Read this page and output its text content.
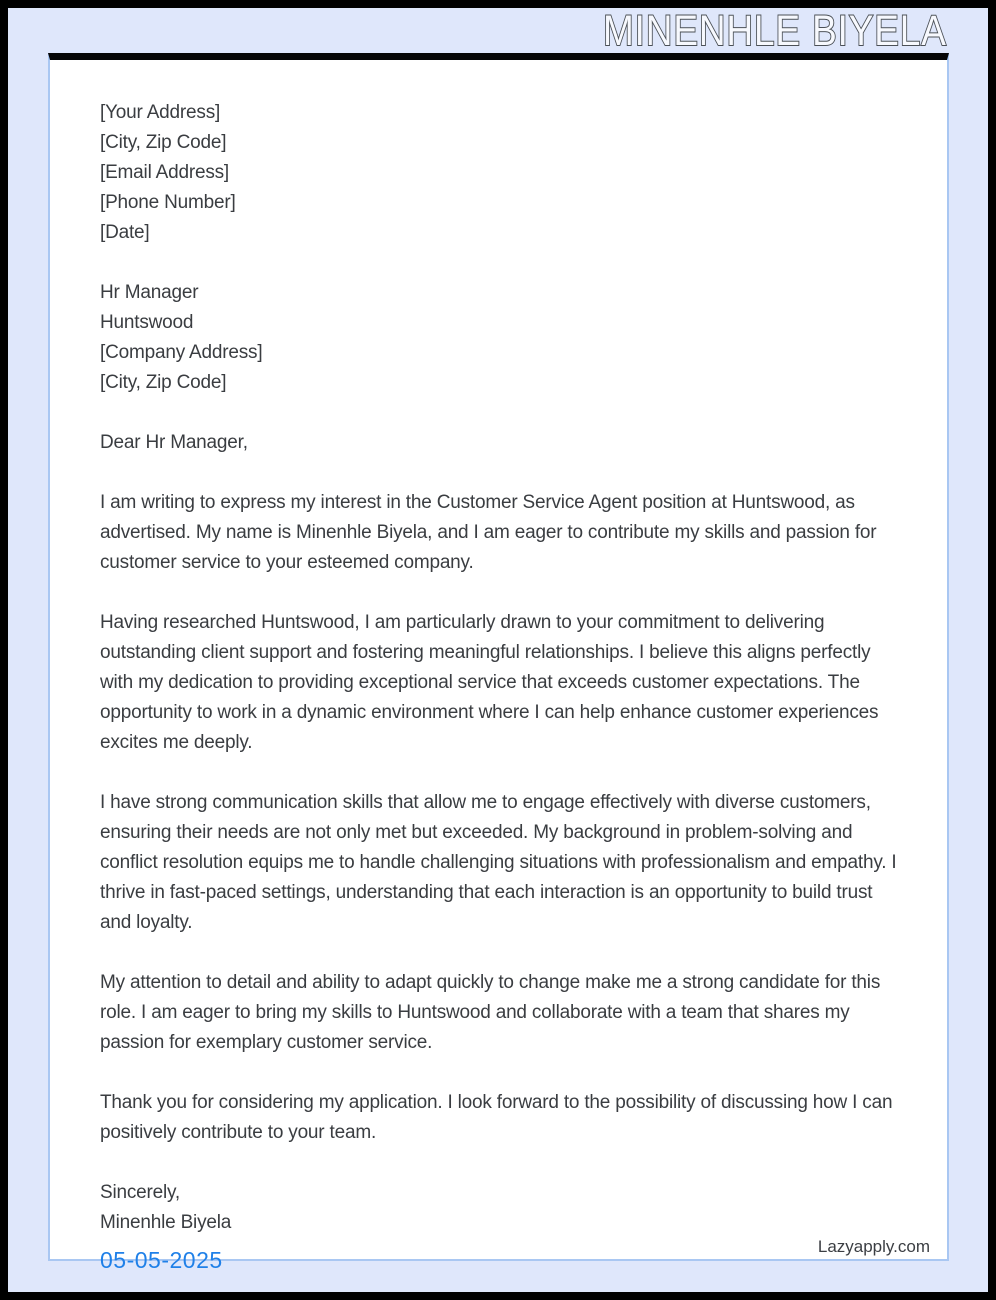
MINENHLE BIYELA
[Your Address]
[City, Zip Code]
[Email Address]
[Phone Number]
[Date]
Hr Manager
Huntswood
[Company Address]
[City, Zip Code]
Dear Hr Manager,

I am writing to express my interest in the Customer Service Agent position at Huntswood, as advertised. My name is Minenhle Biyela, and I am eager to contribute my skills and passion for customer service to your esteemed company.

Having researched Huntswood, I am particularly drawn to your commitment to delivering outstanding client support and fostering meaningful relationships. I believe this aligns perfectly with my dedication to providing exceptional service that exceeds customer expectations. The opportunity to work in a dynamic environment where I can help enhance customer experiences excites me deeply.

I have strong communication skills that allow me to engage effectively with diverse customers, ensuring their needs are not only met but exceeded. My background in problem-solving and conflict resolution equips me to handle challenging situations with professionalism and empathy. I thrive in fast-paced settings, understanding that each interaction is an opportunity to build trust and loyalty.

My attention to detail and ability to adapt quickly to change make me a strong candidate for this role. I am eager to bring my skills to Huntswood and collaborate with a team that shares my passion for exemplary customer service.

Thank you for considering my application. I look forward to the possibility of discussing how I can positively contribute to your team.

Sincerely,
Minenhle Biyela
05-05-2025
Lazyapply.com
